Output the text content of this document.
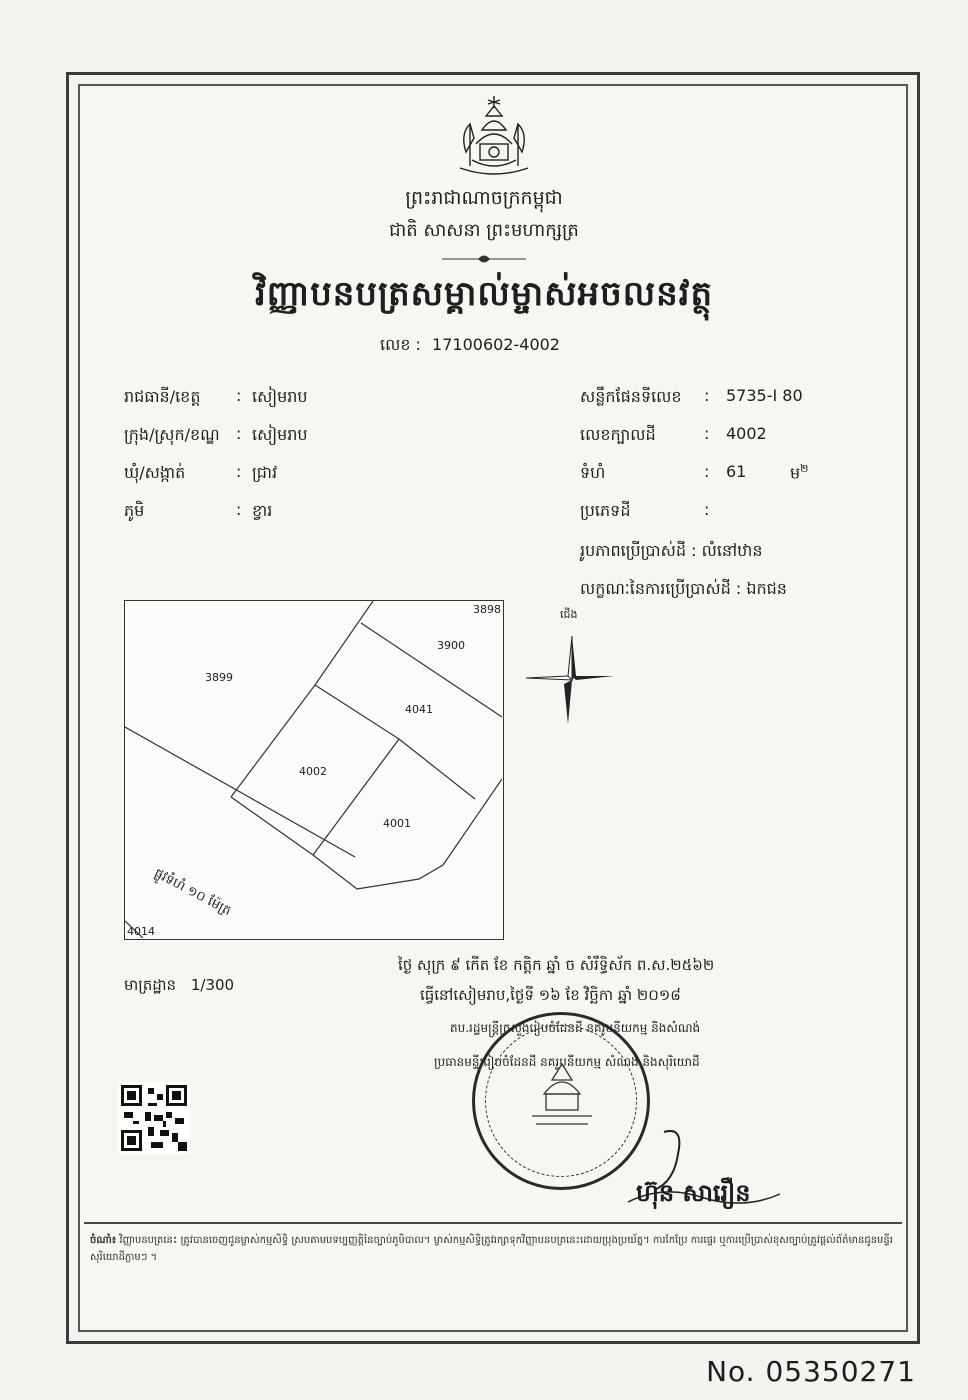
ព្រះរាជាណាចក្រកម្ពុជា
ជាតិ សាសនា ព្រះមហាក្សត្រ
វិញ្ញាបនបត្រសម្គាល់ម្ចាស់អចលនវត្ថុ
លេខ : 17100602-4002
រាជធានី/ខេត្ត : សៀមរាប
ក្រុង/ស្រុក/ខណ្ឌ : សៀមរាប
ឃុំ/សង្កាត់	: ជ្រាវ
ភូមិ	: ខ្វារ
សន្លឹកផែនទីលេខ : 5735-I 80
លេខក្បាលដី	: 4002
ទំហំ	: 61	ម$^២$
ប្រភេទដី	:
រូបភាពប្រើប្រាស់ដី : លំនៅឋាន
លក្ខណៈនៃការប្រើប្រាស់ដី : ឯកជន
3898
3900
3899
4041
4002
4001
4014
ផ្លូវទំហំ ១០ ម៉ែត្រ
ជើង
មាត្រដ្ឋាន 1/300
ថ្ងៃ សុក្រ ៩ កើត ខែ កត្តិក ឆ្នាំ ច សំរឹទ្ធិស័ក ព.ស.២៥៦២
ធ្វើនៅសៀមរាប,ថ្ងៃទី ១៦ ខែ វិច្ឆិកា ឆ្នាំ ២០១៨
តប.រដ្ឋមន្ត្រីក្រសួងរៀបចំដែនដី នគរូបនីយកម្ម និងសំណង់
ប្រធានមន្ទីររៀបចំដែនដី នគរូបនីយកម្ម សំណង់ និងសុរិយោដី
ហ៊ុន សារឿន
ចំណាំ៖ វិញ្ញាបនបត្រនេះ ត្រូវបានចេញជូនម្ចាស់កម្មសិទ្ធិ ស្របតាមបទប្បញ្ញត្តិនៃច្បាប់ភូមិបាល។ ម្ចាស់កម្មសិទ្ធិត្រូវរក្សាទុកវិញ្ញាបនបត្រនេះដោយប្រុងប្រយ័ត្ន។ ការកែប្រែ ការផ្ទេរ ឬការប្រើប្រាស់ខុសច្បាប់ត្រូវផ្តល់ព័ត៌មានជូនមន្ទីរសុរិយោដីភ្លាមៗ ។
No. 05350271
